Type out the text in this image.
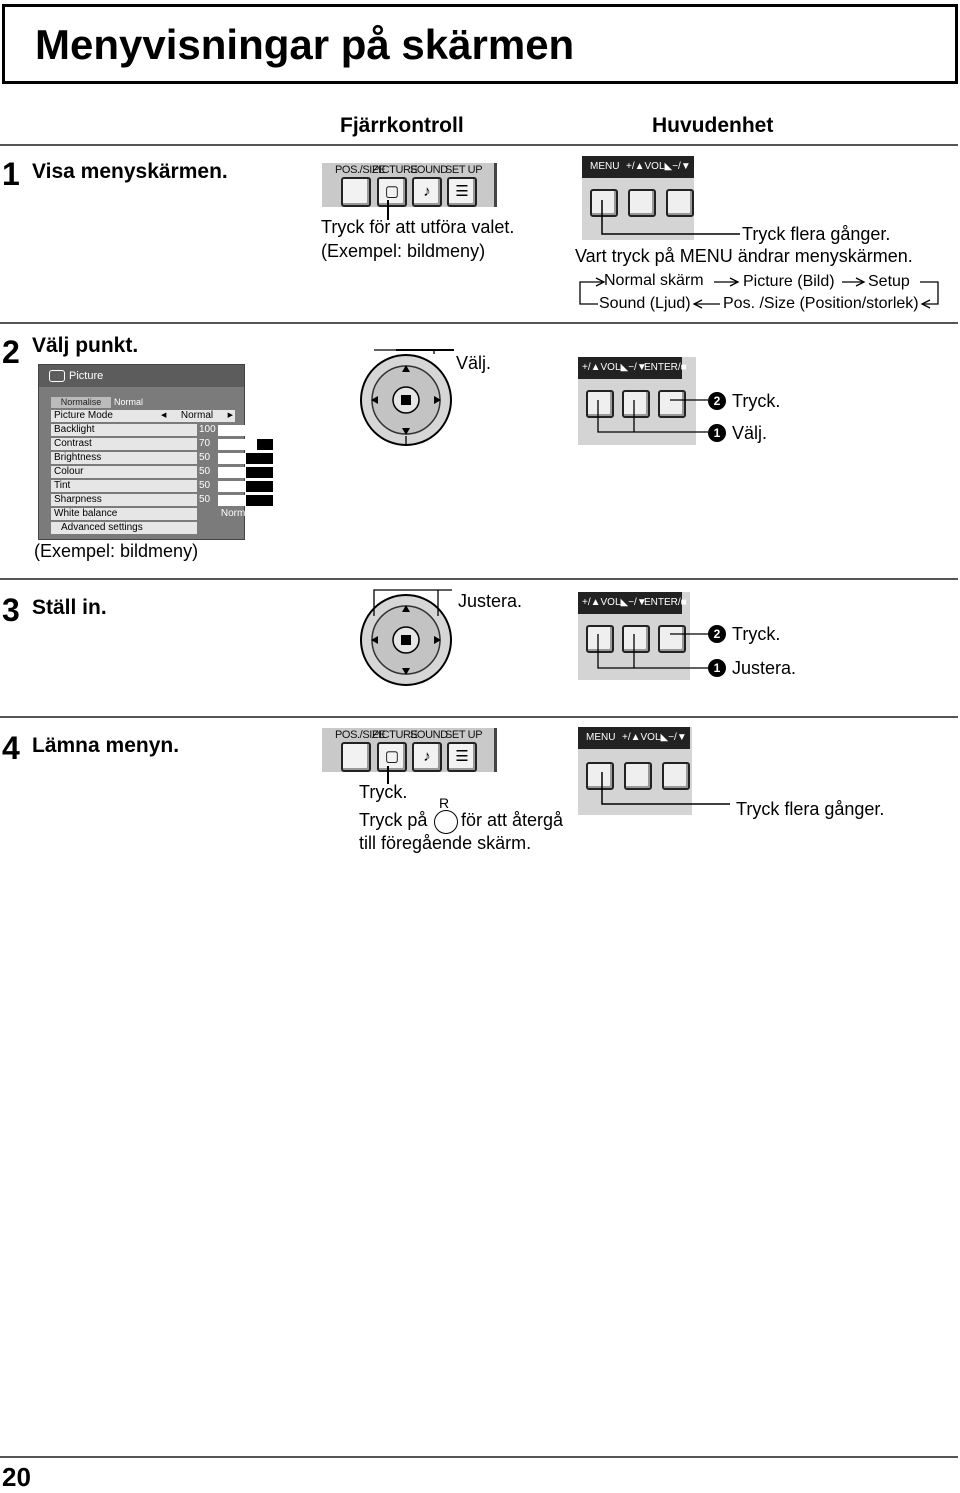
Menyvisningar på skärmen
Fjärrkontroll	Huvudenhet
1 Visa menyskärmen.	POS./SIZE
PICTURE
SOUND
SET UP
▢	♪	☰
Tryck för att utföra valet.
(Exempel: bildmeny)
MENU +/▲VOL◣−/▼
Tryck flera gånger.
Vart tryck på MENU ändrar menyskärmen.
Normal skärm Picture (Bild) Setup
Sound (Ljud) Pos. /Size (Position/storlek)
2 Välj punkt.
Picture
Normalise	Normal
Picture Mode	◀ Normal ▶
Backlight	100
Contrast	70
Brightness	50
Colour	50
Tint	50
Sharpness	50
White balance	Normal
Advanced settings
(Exempel: bildmeny)
Välj.	+/▲VOL◣−/▼
ENTER/■
2 Tryck.
1 Välj.
3 Ställ in.	Justera.	+/▲VOL◣−/▼
ENTER/■
2 Tryck.
1 Justera.
4 Lämna menyn.	POS./SIZE
PICTURE
SOUND
SET UP
▢	♪	☰
Tryck.
R
Tryck på för att återgå
till föregående skärm.
MENU +/▲VOL◣−/▼
Tryck flera gånger.
20
